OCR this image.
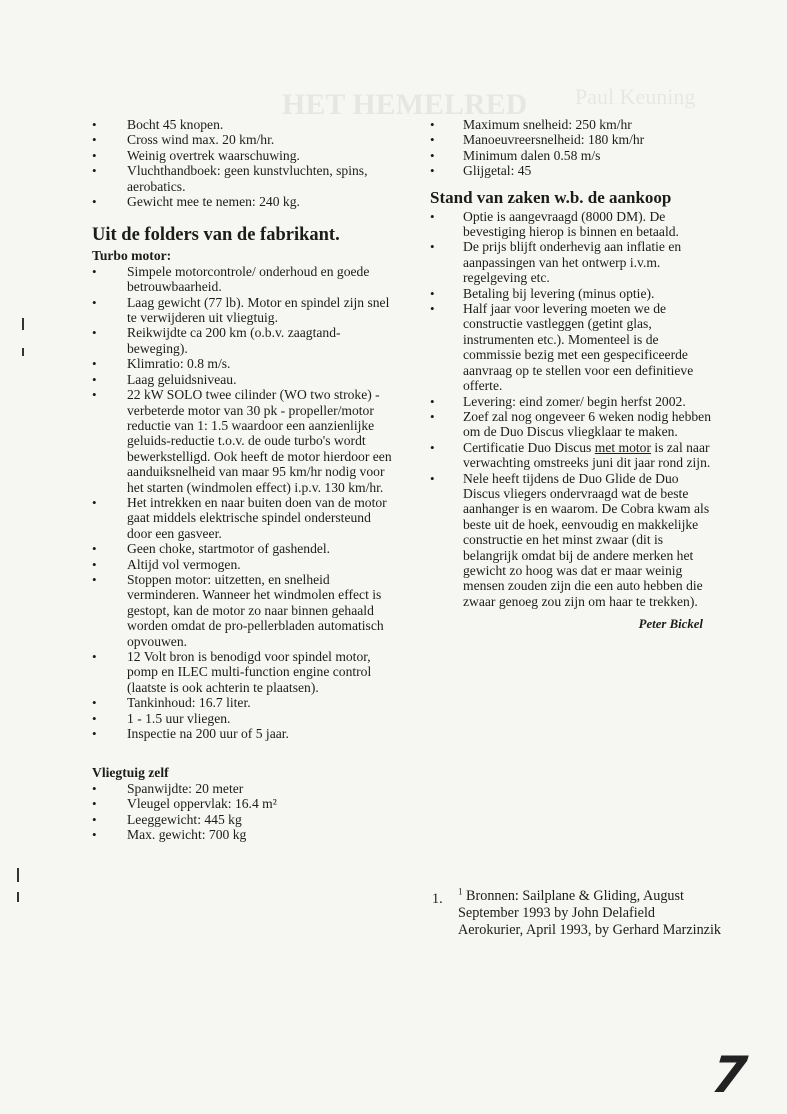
HET HEMELRED Paul Keuning
• Bocht 45 knopen.
• Cross wind max. 20 km/hr.
• Weinig overtrek waarschuwing.
• Vluchthandboek: geen kunstvluchten, spins, aerobatics.
• Gewicht mee te nemen: 240 kg.
Uit de folders van de fabrikant.
Turbo motor:
• Simpele motorcontrole/ onderhoud en goede betrouwbaarheid.
• Laag gewicht (77 lb). Motor en spindel zijn snel te verwijderen uit vliegtuig.
• Reikwijdte ca 200 km (o.b.v. zaagtand-beweging).
• Klimratio: 0.8 m/s.
• Laag geluidsniveau.
• 22 kW SOLO twee cilinder (WO two stroke) - verbeterde motor van 30 pk - propeller/motor reductie van 1: 1.5 waardoor een aanzienlijke geluids-reductie t.o.v. de oude turbo's wordt bewerkstelligd. Ook heeft de motor hierdoor een aanduiksnelheid van maar 95 km/hr nodig voor het starten (windmolen effect) i.p.v. 130 km/hr.
• Het intrekken en naar buiten doen van de motor gaat middels elektrische spindel ondersteund door een gasveer.
• Geen choke, startmotor of gashendel.
• Altijd vol vermogen.
• Stoppen motor: uitzetten, en snelheid verminderen. Wanneer het windmolen effect is gestopt, kan de motor zo naar binnen gehaald worden omdat de pro-pellerbladen automatisch opvouwen.
• 12 Volt bron is benodigd voor spindel motor, pomp en ILEC multi-function engine control (laatste is ook achterin te plaatsen).
• Tankinhoud: 16.7 liter.
• 1 - 1.5 uur vliegen.
• Inspectie na 200 uur of 5 jaar.
Vliegtuig zelf
• Spanwijdte: 20 meter
• Vleugel oppervlak: 16.4 m²
• Leeggewicht: 445 kg
• Max. gewicht: 700 kg
• Maximum snelheid: 250 km/hr
• Manoeuvreersnelheid: 180 km/hr
• Minimum dalen 0.58 m/s
• Glijgetal: 45
Stand van zaken w.b. de aankoop
• Optie is aangevraagd (8000 DM). De bevestiging hierop is binnen en betaald.
• De prijs blijft onderhevig aan inflatie en aanpassingen van het ontwerp i.v.m. regelgeving etc.
• Betaling bij levering (minus optie).
• Half jaar voor levering moeten we de constructie vastleggen (getint glas, instrumenten etc.). Momenteel is de commissie bezig met een gespecificeerde aanvraag op te stellen voor een definitieve offerte.
• Levering: eind zomer/ begin herfst 2002.
• Zoef zal nog ongeveer 6 weken nodig hebben om de Duo Discus vliegklaar te maken.
• Certificatie Duo Discus met motor is zal naar verwachting omstreeks juni dit jaar rond zijn.
• Nele heeft tijdens de Duo Glide de Duo Discus vliegers ondervraagd wat de beste aanhanger is en waarom. De Cobra kwam als beste uit de hoek, eenvoudig en makkelijke constructie en het minst zwaar (dit is belangrijk omdat bij de andere merken het gewicht zo hoog was dat er maar weinig mensen zouden zijn die een auto hebben die zwaar genoeg zou zijn om haar te trekken).
Peter Bickel
1. $^1$ Bronnen: Sailplane & Gliding, August September 1993 by John Delafield Aerokurier, April 1993, by Gerhard Marzinzik
7
